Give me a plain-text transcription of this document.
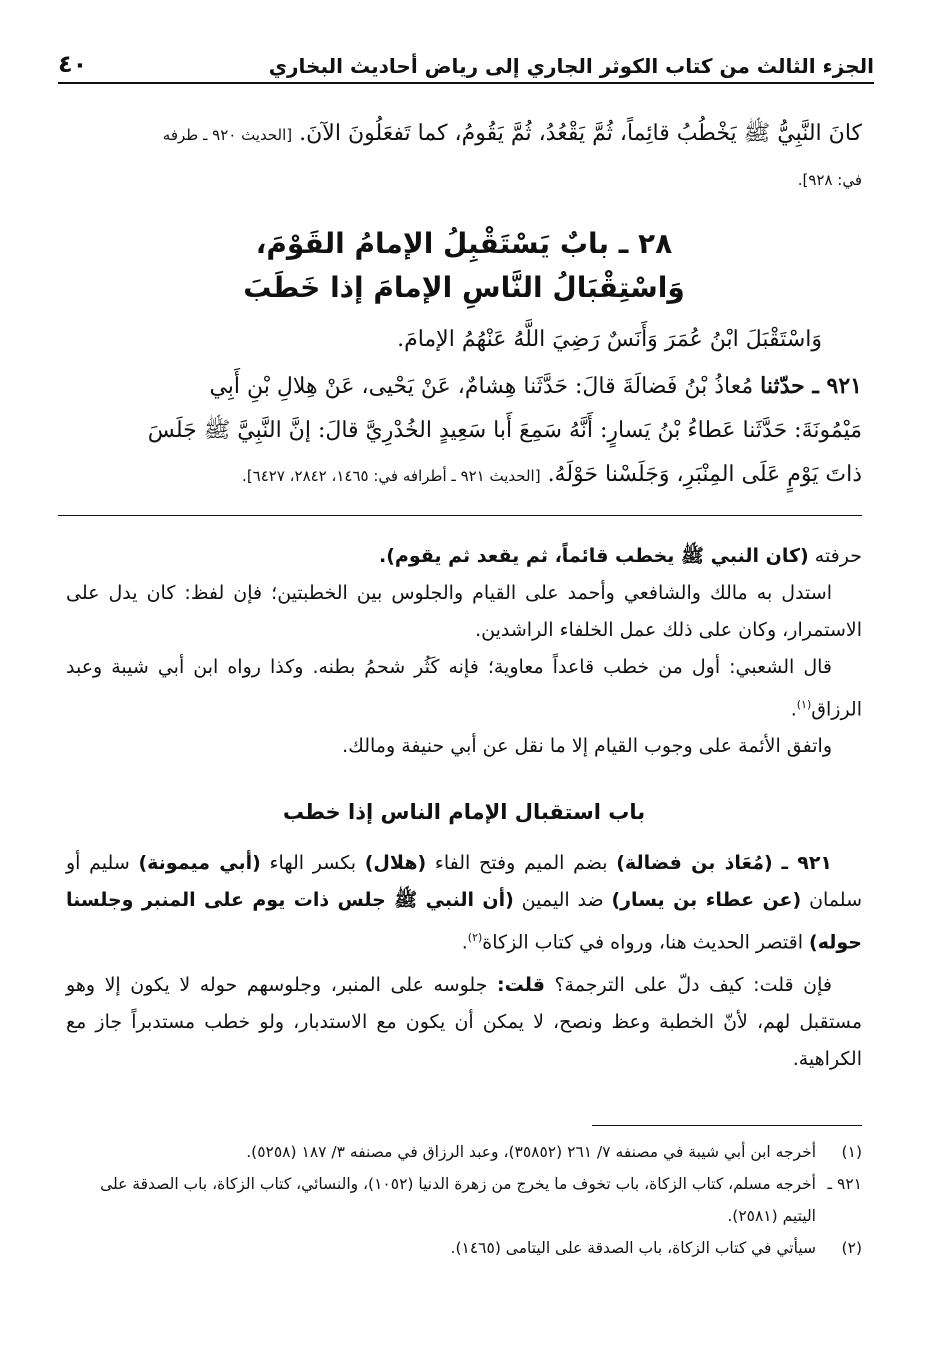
الجزء الثالث من كتاب الكوثر الجاري إلى رياض أحاديث البخاري
٤٠

كانَ النَّبِيُّ ﷺ يَخْطُبُ قائِماً، ثُمَّ يَقْعُدُ، ثُمَّ يَقُومُ، كما تَفعَلُونَ الآنَ. [الحديث ٩٢٠ ـ طرفه

في: ٩٢٨].

٢٨ ـ بابٌ يَسْتَقْبِلُ الإمامُ القَوْمَ،
وَاسْتِقْبَالُ النَّاسِ الإمامَ إذا خَطَبَ

وَاسْتَقْبَلَ ابْنُ عُمَرَ وَأَنَسٌ رَضِيَ اللَّهُ عَنْهُمُ الإمامَ.

٩٢١ ـ حدّثنا مُعاذُ بْنُ فَضالَةَ قالَ: حَدَّثَنا هِشامٌ، عَنْ يَحْيى، عَنْ هِلالِ بْنِ أَبِي

مَيْمُونَةَ: حَدَّثَنا عَطاءُ بْنُ يَسارٍ: أَنَّهُ سَمِعَ أَبا سَعِيدٍ الخُدْرِيَّ قالَ: إنَّ النَّبِيَّ ﷺ جَلَسَ

ذاتَ يَوْمٍ عَلَى المِنْبَرِ، وَجَلَسْنا حَوْلَهُ. [الحديث ٩٢١ ـ أطرافه في: ١٤٦٥، ٢٨٤٢، ٦٤٢٧].

حرفته (كان النبي ﷺ يخطب قائماً، ثم يقعد ثم يقوم).

استدل به مالك والشافعي وأحمد على القيام والجلوس بين الخطبتين؛ فإن لفظ: كان يدل على الاستمرار، وكان على ذلك عمل الخلفاء الراشدين.

قال الشعبي: أول من خطب قاعداً معاوية؛ فإنه كَثُر شحمُ بطنه. وكذا رواه ابن أبي شيبة وعبد الرزاق$^{(١)}$.

واتفق الأئمة على وجوب القيام إلا ما نقل عن أبي حنيفة ومالك.

باب استقبال الإمام الناس إذا خطب

٩٢١ ـ (مُعَاذ بن فضالة) بضم الميم وفتح الفاء (هلال) بكسر الهاء (أبي ميمونة) سليم أو سلمان (عن عطاء بن يسار) ضد اليمين (أن النبي ﷺ جلس ذات يوم على المنبر وجلسنا حوله) اقتصر الحديث هنا، ورواه في كتاب الزكاة$^{(٢)}$.

فإن قلت: كيف دلّ على الترجمة؟ قلت: جلوسه على المنبر، وجلوسهم حوله لا يكون إلا وهو مستقبل لهم، لأنّ الخطبة وعظ ونصح، لا يمكن أن يكون مع الاستدبار، ولو خطب مستدبراً جاز مع الكراهية.

(١)
أخرجه ابن أبي شيبة في مصنفه ٧/ ٢٦١ (٣٥٨٥٢)، وعبد الرزاق في مصنفه ٣/ ١٨٧ (٥٢٥٨).
٩٢١ ـ
أخرجه مسلم، كتاب الزكاة، باب تخوف ما يخرج من زهرة الدنيا (١٠٥٢)، والنسائي، كتاب الزكاة، باب الصدقة على اليتيم (٢٥٨١).
(٢)
سيأتي في كتاب الزكاة، باب الصدقة على اليتامى (١٤٦٥).
